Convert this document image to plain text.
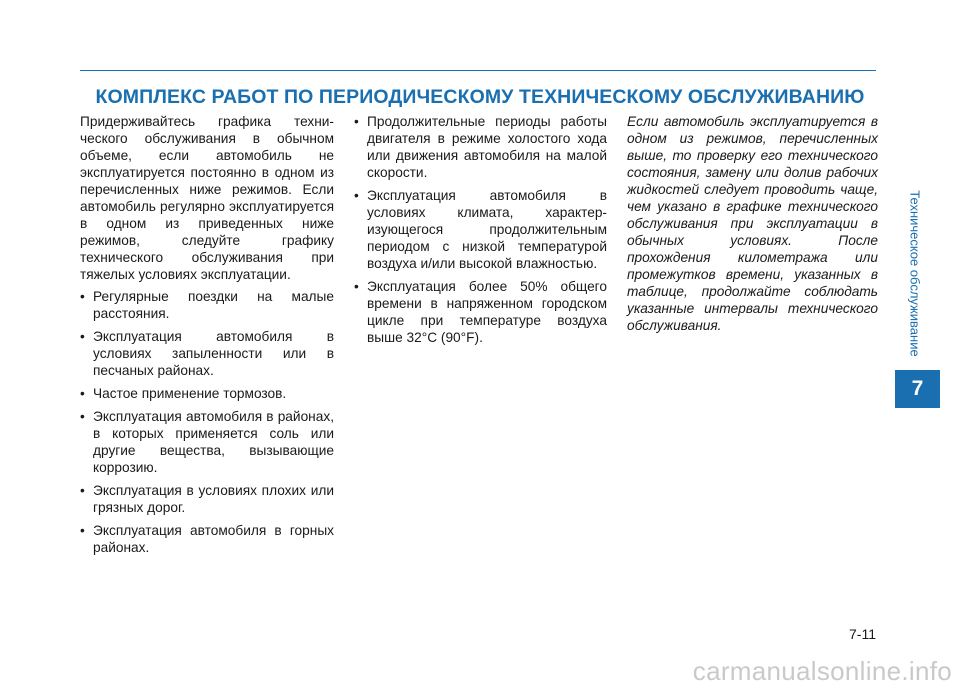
КОМПЛЕКС РАБОТ ПО ПЕРИОДИЧЕСКОМУ ТЕХНИЧЕСКОМУ ОБСЛУЖИВАНИЮ
Техническое обслуживание
7

Придерживайтесь графика техни-ческого обслуживания в обычном объеме, если автомобиль не эксплуатируется постоянно в одном из перечисленных ниже режимов. Если автомобиль регулярно эксплуатируется в одном из приведенных ниже режимов, следуйте графику технического обслуживания при тяжелых условиях эксплуатации.

• Регулярные поездки на малые расстояния.
• Эксплуатация автомобиля в условиях запыленности или в песчаных районах.
• Частое применение тормозов.
• Эксплуатация автомобиля в районах, в которых применяется соль или другие вещества, вызывающие коррозию.
• Эксплуатация в условиях плохих или грязных дорог.
• Эксплуатация автомобиля в горных районах.
• Продолжительные периоды работы двигателя в режиме холостого хода или движения автомобиля на малой скорости.
• Эксплуатация автомобиля в условиях климата, характер-изующегося продолжительным периодом с низкой температурой воздуха и/или высокой влажностью.
• Эксплуатация более 50% общего времени в напряженном городском цикле при температуре воздуха выше 32°C (90°F).

Если автомобиль эксплуатируется в одном из режимов, перечисленных выше, то проверку его технического состояния, замену или долив рабочих жидкостей следует проводить чаще, чем указано в графике технического обслуживания при эксплуатации в обычных условиях. После прохождения километража или промежутков времени, указанных в таблице, продолжайте соблюдать указанные интервалы технического обслуживания.

7-11
carmanualsonline.info
